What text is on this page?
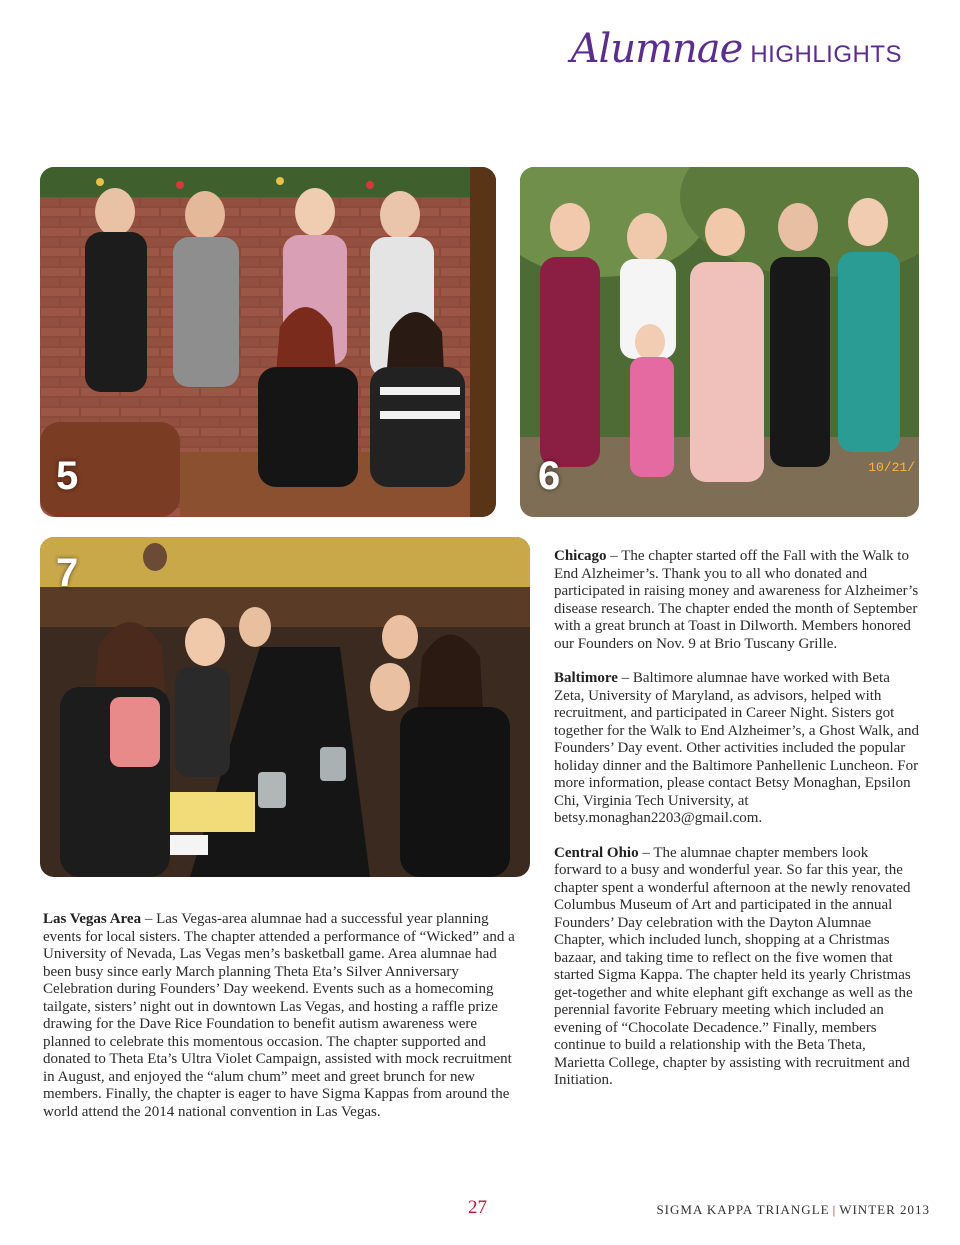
Alumnae HIGHLIGHTS
5	6	10/21/
7

Las Vegas Area – Las Vegas-area alumnae had a successful year planning events for local sisters. The chapter attended a performance of “Wicked” and a University of Nevada, Las Vegas men’s basketball game. Area alumnae had been busy since early March planning Theta Eta’s Silver Anniversary Celebration during Founders’ Day weekend. Events such as a homecoming tailgate, sisters’ night out in downtown Las Vegas, and hosting a raffle prize drawing for the Dave Rice Foundation to benefit autism awareness were planned to celebrate this momentous occasion. The chapter supported and donated to Theta Eta’s Ultra Violet Campaign, assisted with mock recruitment in August, and enjoyed the “alum chum” meet and greet brunch for new members. Finally, the chapter is eager to have Sigma Kappas from around the world attend the 2014 national convention in Las Vegas.

Chicago – The chapter started off the Fall with the Walk to End Alzheimer’s. Thank you to all who donated and participated in raising money and awareness for Alzheimer’s disease research. The chapter ended the month of September with a great brunch at Toast in Dilworth. Members honored our Founders on Nov. 9 at Brio Tuscany Grille.

Baltimore – Baltimore alumnae have worked with Beta Zeta, University of Maryland, as advisors, helped with recruitment, and participated in Career Night. Sisters got together for the Walk to End Alzheimer’s, a Ghost Walk, and Founders’ Day event. Other activities included the popular holiday dinner and the Baltimore Panhellenic Luncheon. For more information, please contact Betsy Monaghan, Epsilon Chi, Virginia Tech University, at betsy.monaghan2203@gmail.com.

Central Ohio – The alumnae chapter members look forward to a busy and wonderful year. So far this year, the chapter spent a wonderful afternoon at the newly renovated Columbus Museum of Art and participated in the annual Founders’ Day celebration with the Dayton Alumnae Chapter, which included lunch, shopping at a Christmas bazaar, and taking time to reflect on the five women that started Sigma Kappa. The chapter held its yearly Christmas get-together and white elephant gift exchange as well as the perennial favorite February meeting which included an evening of “Chocolate Decadence.” Finally, members continue to build a relationship with the Beta Theta, Marietta College, chapter by assisting with recruitment and Initiation.

27	SIGMA KAPPA TRIANGLE | WINTER 2013
